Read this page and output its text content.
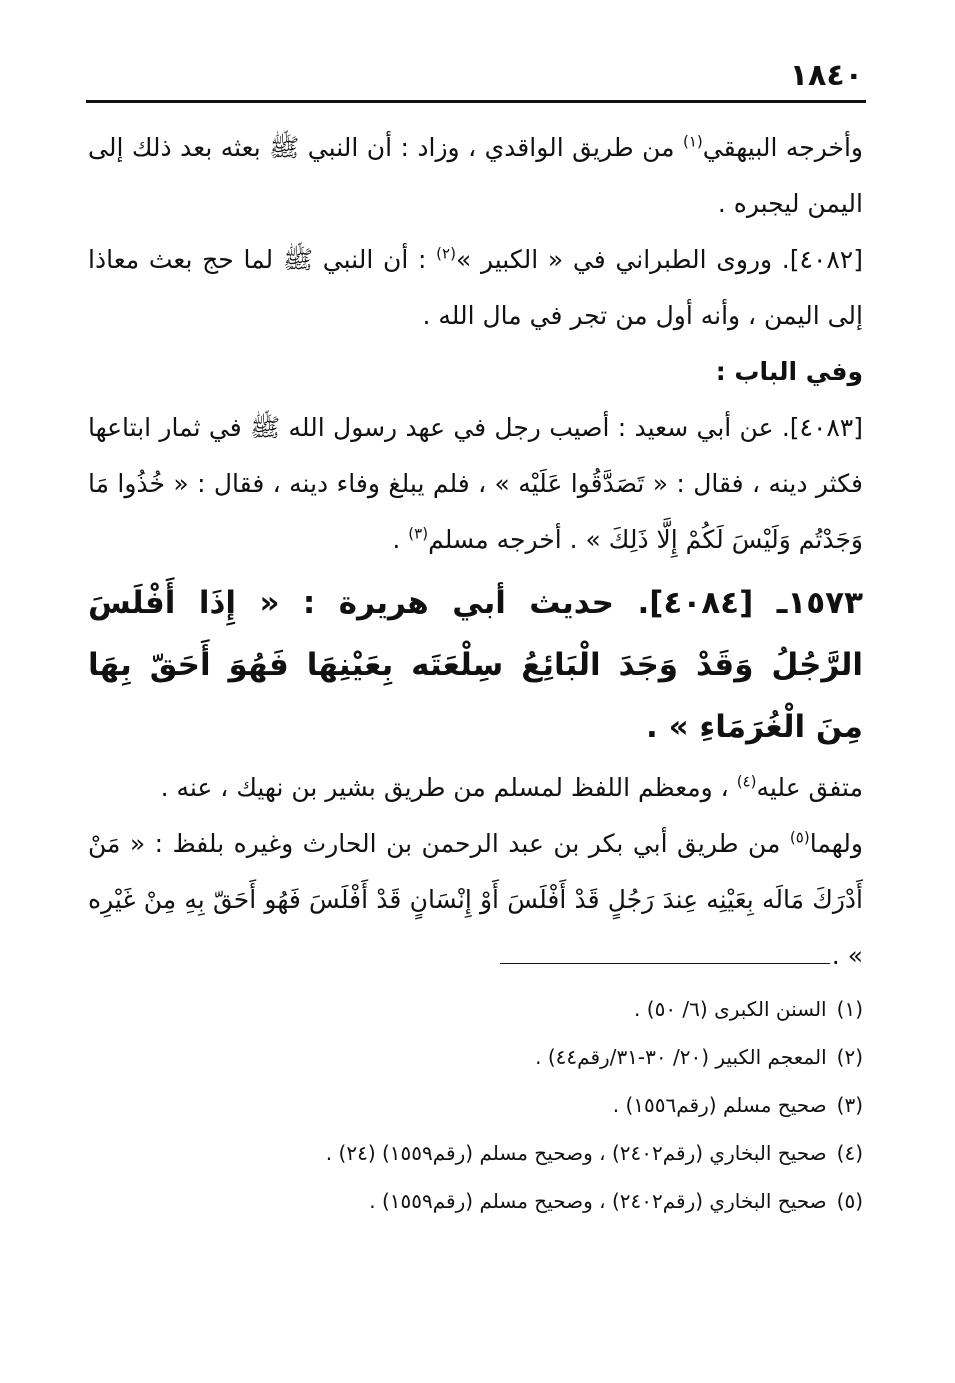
١٨٤٠

وأخرجه البيهقي$^{(١)}$ من طريق الواقدي ، وزاد : أن النبي ﷺ بعثه بعد ذلك إلى اليمن ليجبره .

[٤٠٨٢]. وروى الطبراني في « الكبير »$^{(٢)}$ : أن النبي ﷺ لما حج بعث معاذا إلى اليمن ، وأنه أول من تجر في مال الله .

وفي الباب :

[٤٠٨٣]. عن أبي سعيد : أصيب رجل في عهد رسول الله ﷺ في ثمار ابتاعها فكثر دينه ، فقال : « تَصَدَّقُوا عَلَيْه » ، فلم يبلغ وفاء دينه ، فقال : « خُذُوا مَا وَجَدْتُم وَلَيْسَ لَكُمْ إِلَّا ذَلِكَ » . أخرجه مسلم$^{(٣)}$ .

١٥٧٣ـ [٤٠٨٤]. حديث أبي هريرة : « إِذَا أَفْلَسَ الرَّجُلُ وَقَدْ وَجَدَ الْبَائِعُ سِلْعَتَه بِعَيْنِهَا فَهُوَ أَحَقّ بِهَا مِنَ الْغُرَمَاءِ » .

متفق عليه$^{(٤)}$ ، ومعظم اللفظ لمسلم من طريق بشير بن نهيك ، عنه .

ولهما$^{(٥)}$ من طريق أبي بكر بن عبد الرحمن بن الحارث وغيره بلفظ : « مَنْ أَدْرَكَ مَالَه بِعَيْنِه عِندَ رَجُلٍ قَدْ أَفْلَسَ أَوْ إِنْسَانٍ قَدْ أَفْلَسَ فَهُو أَحَقّ بِهِ مِنْ غَيْرِه » .

(١)السنن الكبرى (٦/ ٥٠) .

(٢)المعجم الكبير (٢٠/ ٣٠-٣١/رقم٤٤) .

(٣)صحيح مسلم (رقم١٥٥٦) .

(٤)صحيح البخاري (رقم٢٤٠٢) ، وصحيح مسلم (رقم١٥٥٩) (٢٤) .

(٥)صحيح البخاري (رقم٢٤٠٢) ، وصحيح مسلم (رقم١٥٥٩) .
